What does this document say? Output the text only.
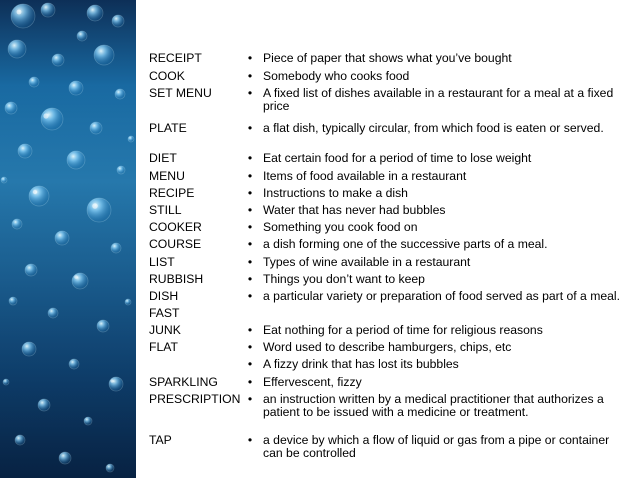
RECEIPT	• Piece of paper that shows what you’ve bought
COOK	• Somebody who cooks food
SET MENU	• A fixed list of dishes available in a restaurant for a meal at a fixed price
PLATE	• a flat dish, typically circular, from which food is eaten or served.
DIET	• Eat certain food for a period of time to lose weight
MENU	• Items of food available in a restaurant
RECIPE	• Instructions to make a dish
STILL	• Water that has never had bubbles
COOKER	• Something you cook food on
COURSE	• a dish forming one of the successive parts of a meal.
LIST	• Types of wine available in a restaurant
RUBBISH	• Things you don’t want to keep
DISH	• a particular variety or preparation of food served as part of a meal.
FAST
JUNK	• Eat nothing for a period of time for religious reasons
FLAT	• Word used to describe hamburgers, chips, etc
• A fizzy drink that has lost its bubbles
SPARKLING	• Effervescent, fizzy
PRESCRIPTION • an instruction written by a medical practitioner that authorizes a patient to be issued with a medicine or treatment.
TAP	• a device by which a flow of liquid or gas from a pipe or container can be controlled
